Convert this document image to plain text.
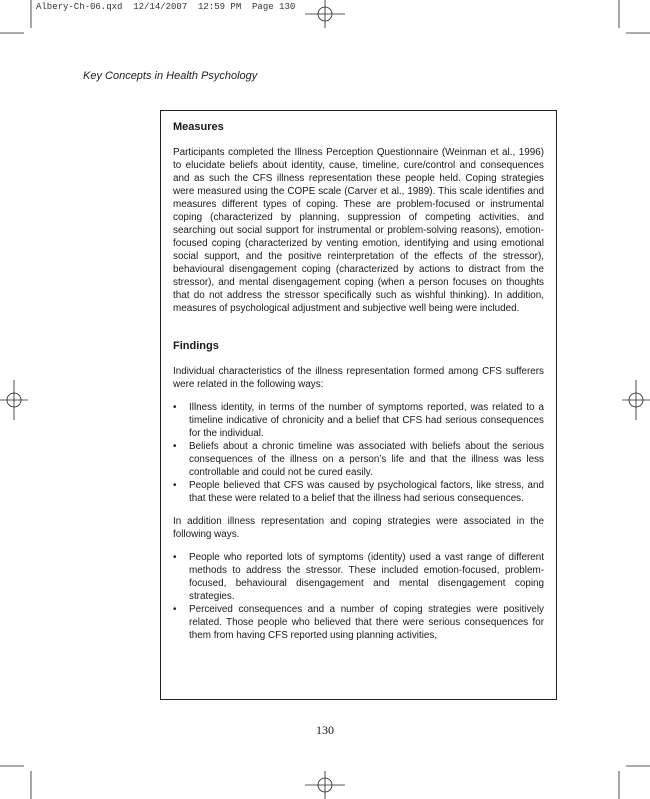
Albery-Ch-06.qxd  12/14/2007  12:59 PM  Page 130
Key Concepts in Health Psychology
Measures

Participants completed the Illness Perception Questionnaire (Weinman et al., 1996) to elucidate beliefs about identity, cause, timeline, cure/control and consequences and as such the CFS illness representation these people held. Coping strategies were measured using the COPE scale (Carver et al., 1989). This scale identifies and measures different types of coping. These are problem-focused or instrumental coping (characterized by planning, suppression of competing activities, and searching out social support for instrumental or problem-solving reasons), emotion-focused coping (characterized by venting emotion, identifying and using emotional social support, and the positive reinterpretation of the effects of the stressor), behavioural disengagement coping (characterized by actions to distract from the stressor), and mental disengagement coping (when a person focuses on thoughts that do not address the stressor specifically such as wishful thinking). In addition, measures of psychological adjustment and subjective well being were included.

Findings

Individual characteristics of the illness representation formed among CFS sufferers were related in the following ways:

• Illness identity, in terms of the number of symptoms reported, was related to a timeline indicative of chronicity and a belief that CFS had serious consequences for the individual.
• Beliefs about a chronic timeline was associated with beliefs about the serious consequences of the illness on a person’s life and that the illness was less controllable and could not be cured easily.
• People believed that CFS was caused by psychological factors, like stress, and that these were related to a belief that the illness had serious consequences.

In addition illness representation and coping strategies were associated in the following ways.

• People who reported lots of symptoms (identity) used a vast range of different methods to address the stressor. These included emotion-focused, problem-focused, behavioural disengagement and mental disengagement coping strategies.
• Perceived consequences and a number of coping strategies were positively related. Those people who believed that there were serious consequences for them from having CFS reported using planning activities,
130
